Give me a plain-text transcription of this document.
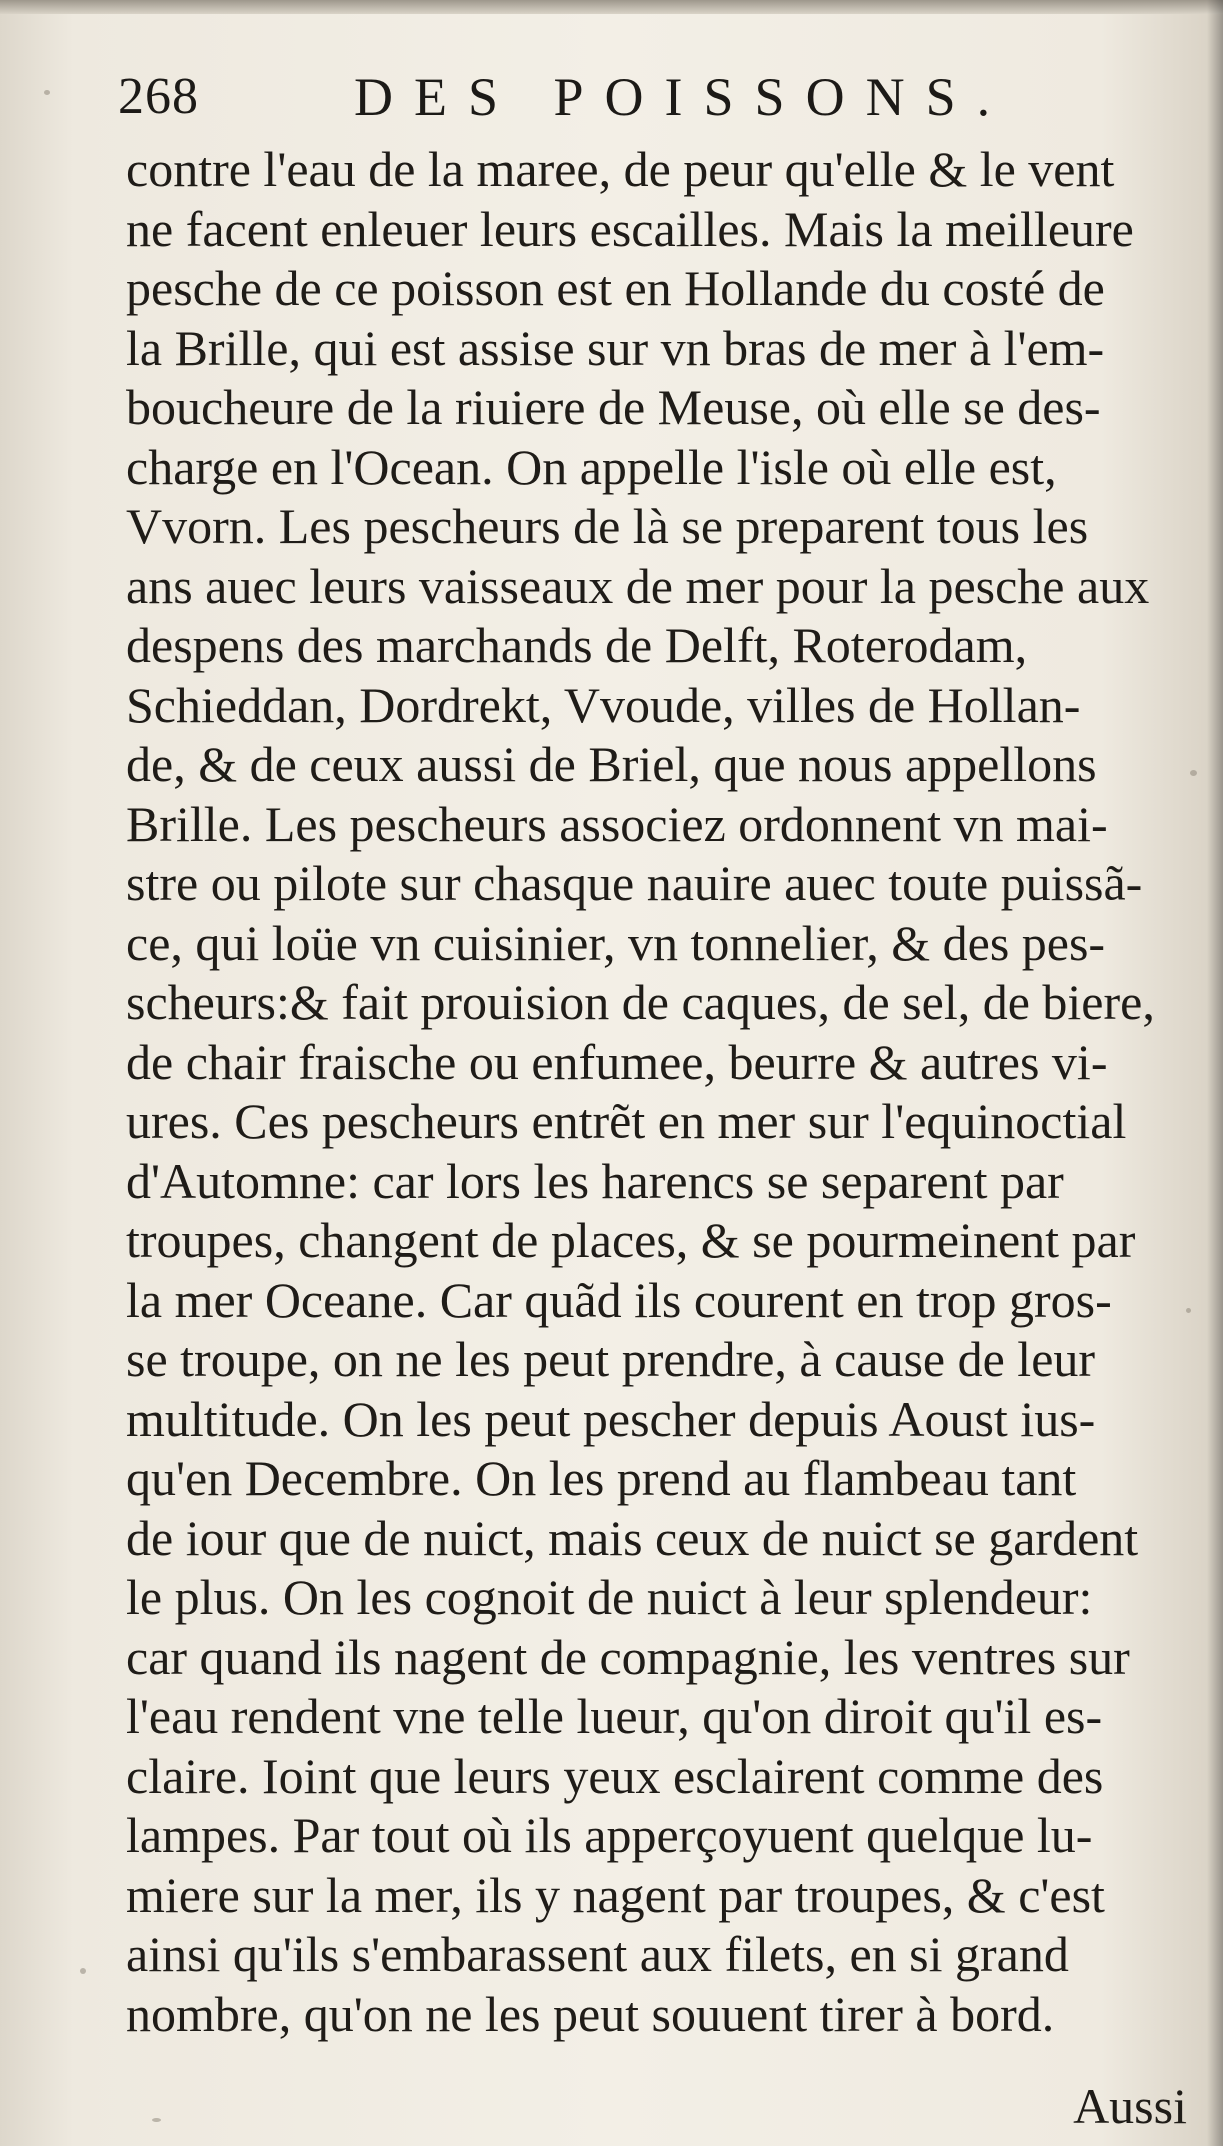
268	DES POISSONS.
contre l'eau de la maree, de peur qu'elle & le vent
ne facent enleuer leurs escailles. Mais la meilleure
pesche de ce poisson est en Hollande du costé de
la Brille, qui est assise sur vn bras de mer à l'em-
boucheure de la riuiere de Meuse, où elle se des-
charge en l'Ocean. On appelle l'isle où elle est,
Vvorn. Les pescheurs de là se preparent tous les
ans auec leurs vaisseaux de mer pour la pesche aux
despens des marchands de Delft, Roterodam,
Schieddan, Dordrekt, Vvoude, villes de Hollan-
de, & de ceux aussi de Briel, que nous appellons
Brille. Les pescheurs associez ordonnent vn mai-
stre ou pilote sur chasque nauire auec toute puissã-
ce, qui loüe vn cuisinier, vn tonnelier, & des pes-
scheurs:& fait prouision de caques, de sel, de biere,
de chair fraische ou enfumee, beurre & autres vi-
ures. Ces pescheurs entrẽt en mer sur l'equinoctial
d'Automne: car lors les harencs se separent par
troupes, changent de places, & se pourmeinent par
la mer Oceane. Car quãd ils courent en trop gros-
se troupe, on ne les peut prendre, à cause de leur
multitude. On les peut pescher depuis Aoust ius-
qu'en Decembre. On les prend au flambeau tant
de iour que de nuict, mais ceux de nuict se gardent
le plus. On les cognoit de nuict à leur splendeur:
car quand ils nagent de compagnie, les ventres sur
l'eau rendent vne telle lueur, qu'on diroit qu'il es-
claire. Ioint que leurs yeux esclairent comme des
lampes. Par tout où ils apperçoyuent quelque lu-
miere sur la mer, ils y nagent par troupes, & c'est
ainsi qu'ils s'embarassent aux filets, en si grand
nombre, qu'on ne les peut souuent tirer à bord.
Aussi
